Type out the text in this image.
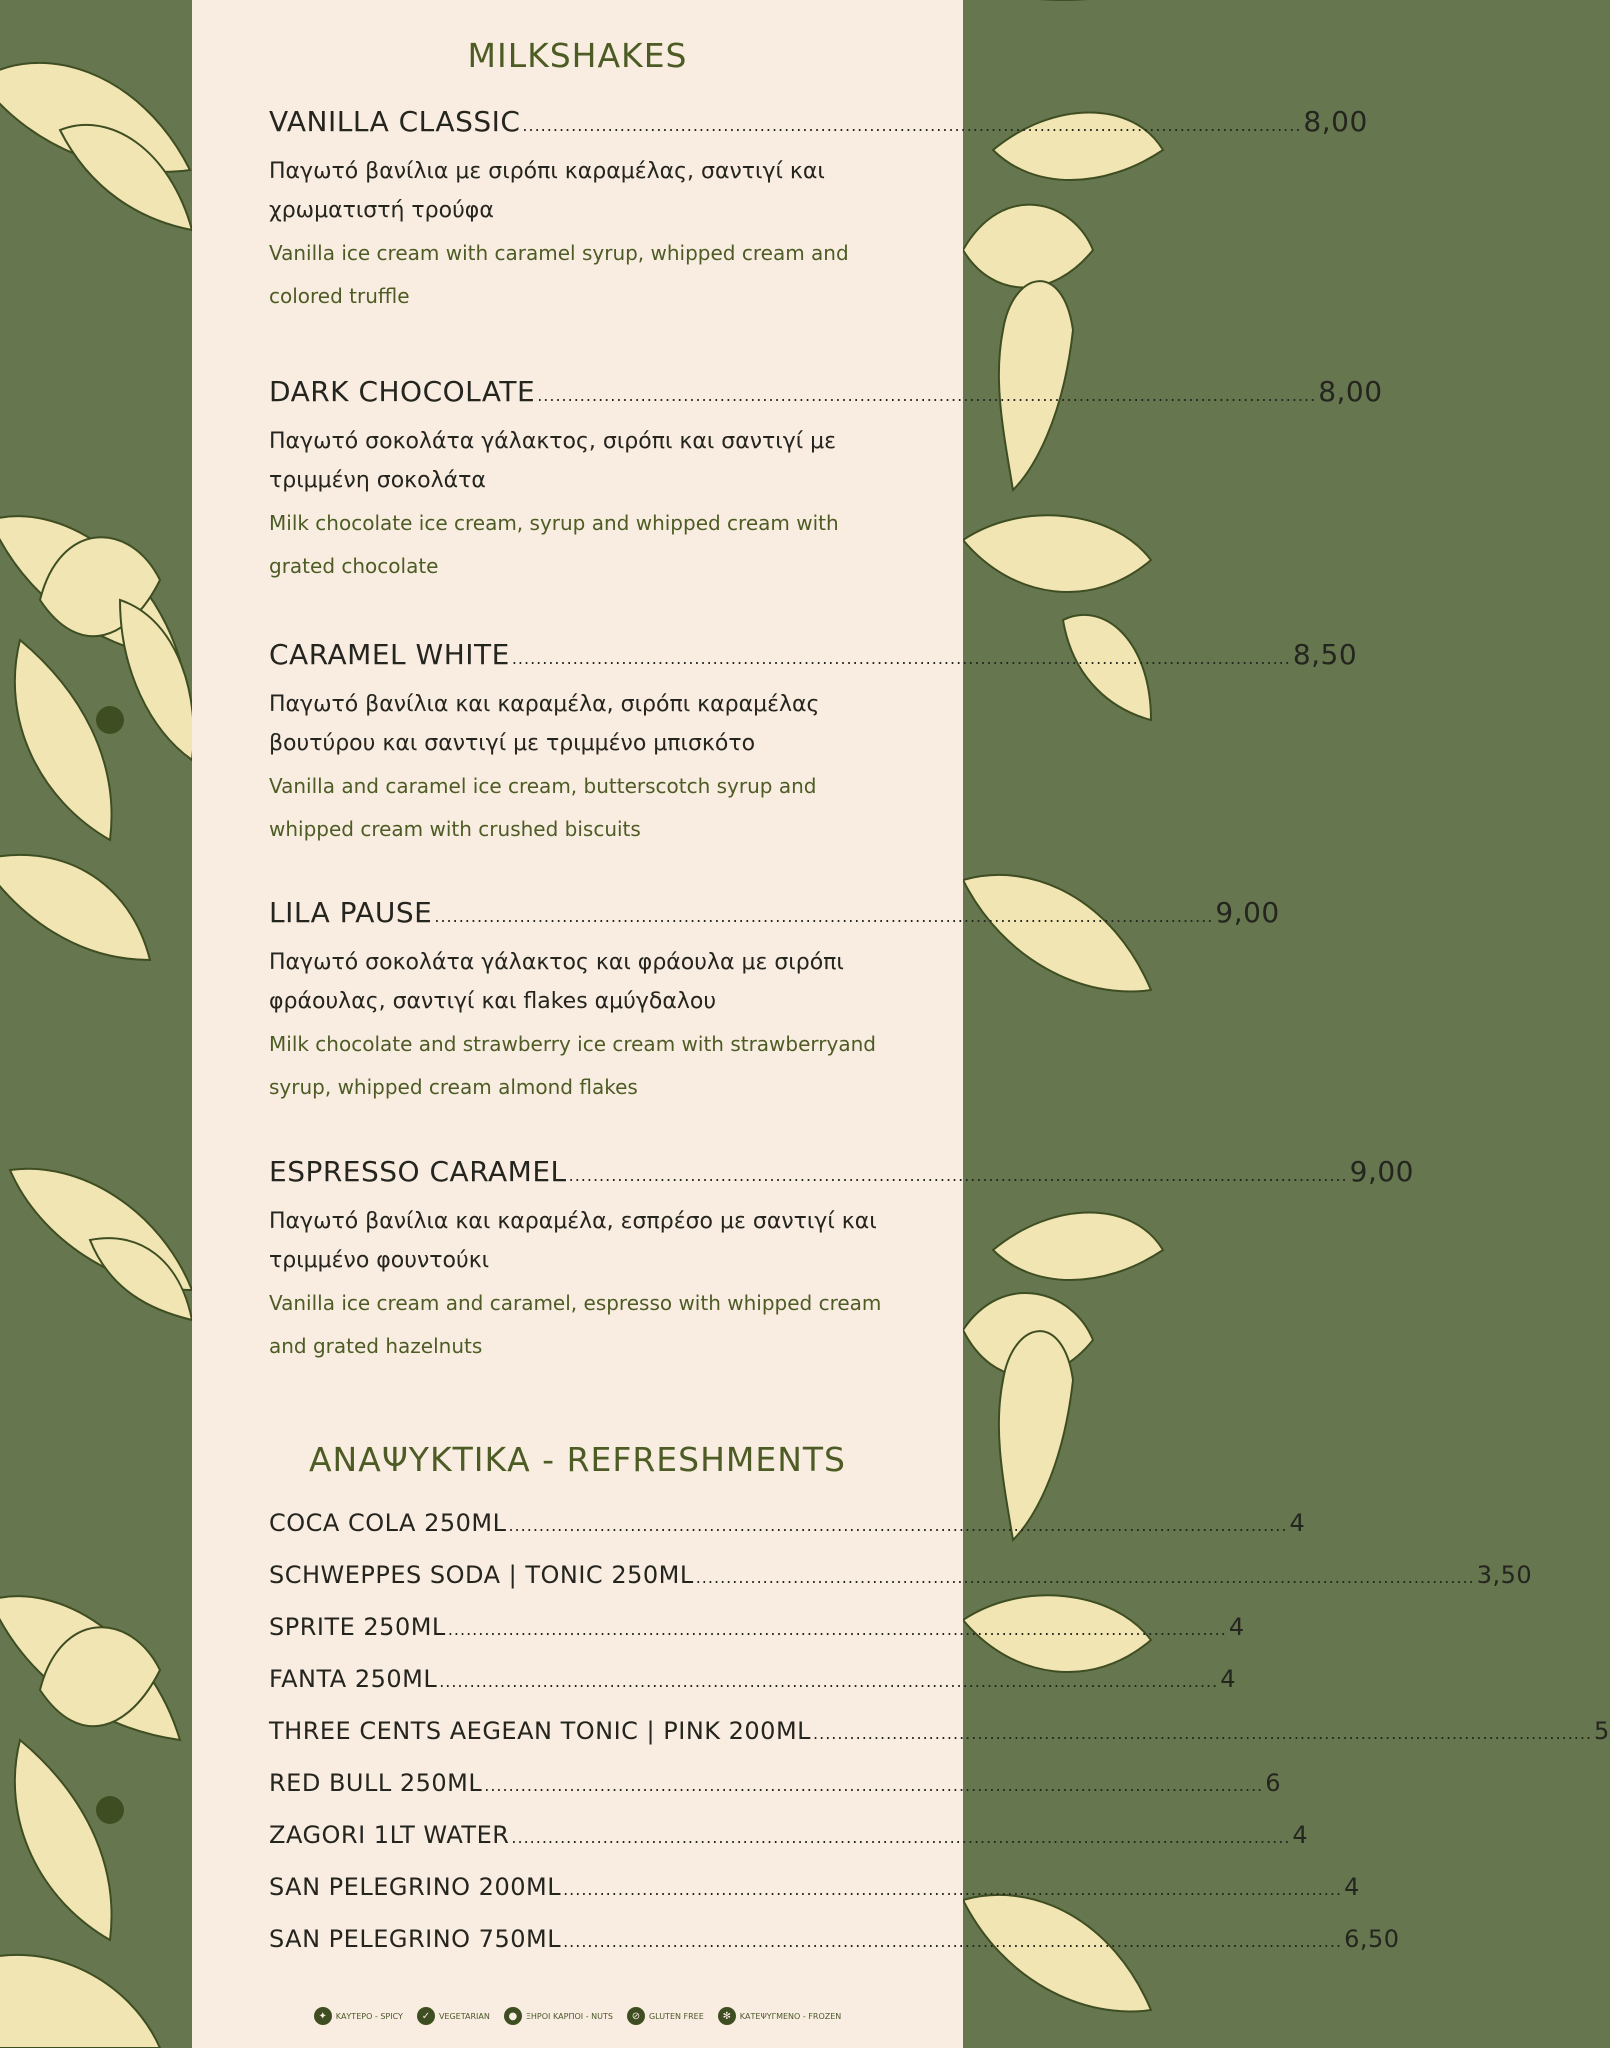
MILKSHAKES
VANILLA CLASSIC ................................................................................................................................ 8,00
Παγωτό βανίλια με σιρόπι καραμέλας, σαντιγί και χρωματιστή τρούφα
Vanilla ice cream with caramel syrup, whipped cream and colored truffle
DARK CHOCOLATE ................................................................................................................................ 8,00
Παγωτό σοκολάτα γάλακτος, σιρόπι και σαντιγί με τριμμένη σοκολάτα
Milk chocolate ice cream, syrup and whipped cream with grated chocolate
CARAMEL WHITE ................................................................................................................................ 8,50
Παγωτό βανίλια και καραμέλα, σιρόπι καραμέλας βουτύρου και σαντιγί με τριμμένο μπισκότο
Vanilla and caramel ice cream, butterscotch syrup and whipped cream with crushed biscuits
LILA PAUSE ................................................................................................................................ 9,00
Παγωτό σοκολάτα γάλακτος και φράουλα με σιρόπι φράουλας, σαντιγί και flakes αμύγδαλου
Milk chocolate and strawberry ice cream with strawberryand syrup, whipped cream almond flakes
ESPRESSO CARAMEL ................................................................................................................................ 9,00
Παγωτό βανίλια και καραμέλα, εσπρέσο με σαντιγί και τριμμένο φουντούκι
Vanilla ice cream and caramel, espresso with whipped cream and grated hazelnuts
ΑΝΑΨΥΚΤΙΚΑ - REFRESHMENTS
COCA COLA 250ML ................................................................................................................................ 4
SCHWEPPES SODA | TONIC 250ML ................................................................................................................................ 3,50
SPRITE 250ML ................................................................................................................................ 4
FANTA 250ML ................................................................................................................................ 4
THREE CENTS AEGEAN TONIC | PINK 200ML ................................................................................................................................ 5
RED BULL 250ML ................................................................................................................................ 6
ZAGORI 1LT WATER ................................................................................................................................ 4
SAN PELEGRINO 200ML ................................................................................................................................ 4
SAN PELEGRINO 750ML ................................................................................................................................ 6,50
✦	ΚΑΥΤΕΡΟ - SPICY	✓	VEGETARIAN	●	ΞΗΡΟΙ ΚΑΡΠΟΙ - NUTS	⊘	GLUTEN FREE	✻	ΚΑΤΕΨΥΓΜΕΝΟ - FROZEN
